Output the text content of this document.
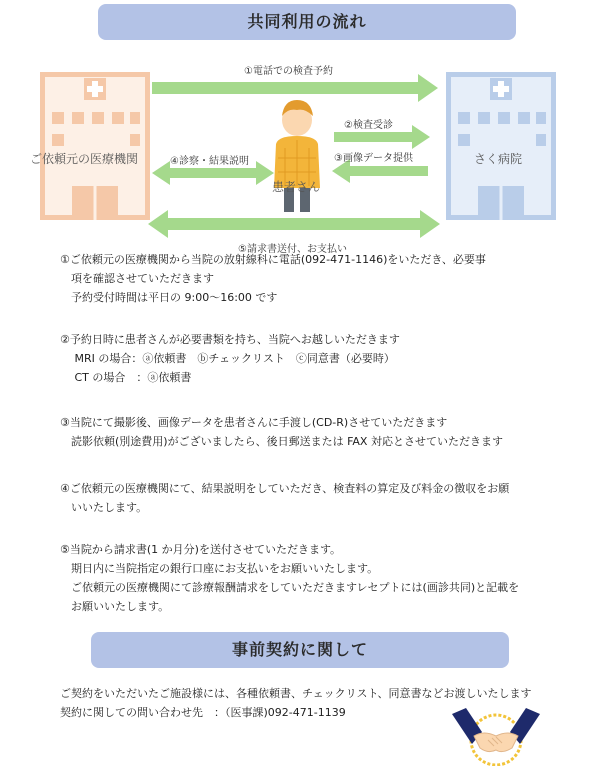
共同利用の流れ
①電話での検査予約
②検査受診
③画像データ提供
④診察・結果説明
⑤請求書送付、お支払い
ご依頼元の医療機関	さく病院
患者さん
①ご依頼元の医療機関から当院の放射線科に電話(092-471-1146)をいただき、必要事
　項を確認させていただきます
　予約受付時間は平日の 9:00～16:00 です
②予約日時に患者さんが必要書類を持ち、当院へお越しいただきます
　 MRI の場合：ⓐ依頼書　ⓑチェックリスト　ⓒ同意書（必要時）
　 CT の場合　：ⓐ依頼書
③当院にて撮影後、画像データを患者さんに手渡し(CD-R)させていただきます
　読影依頼(別途費用)がございましたら、後日郵送または FAX 対応とさせていただきます
④ご依頼元の医療機関にて、結果説明をしていただき、検査料の算定及び料金の徴収をお願
　いいたします。
⑤当院から請求書(1 か月分)を送付させていただきます。
　期日内に当院指定の銀行口座にお支払いをお願いいたします。
　ご依頼元の医療機関にて診療報酬請求をしていただきますレセプトには(画診共同)と記載を
　お願いいたします。
事前契約に関して
ご契約をいただいたご施設様には、各種依頼書、チェックリスト、同意書などお渡しいたします
契約に関しての問い合わせ先　：（医事課)092-471-1139
